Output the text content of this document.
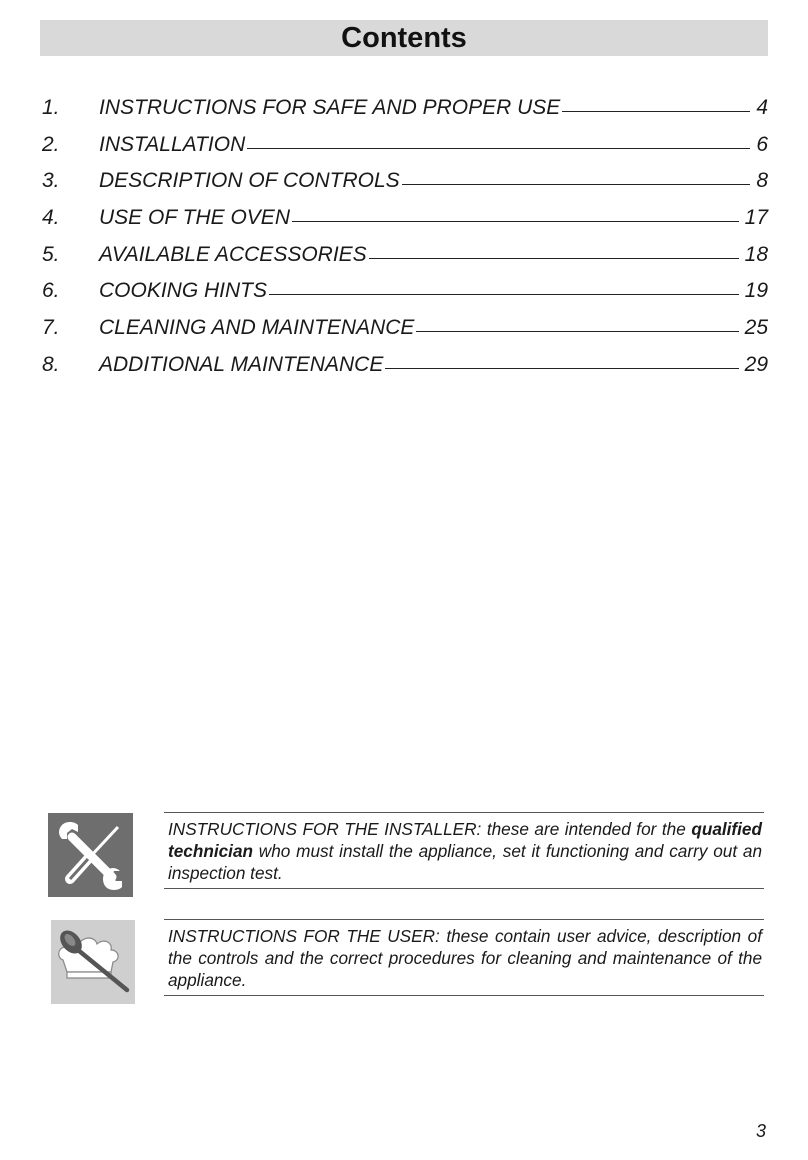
Contents
1.	INSTRUCTIONS FOR SAFE AND PROPER USE	4
2.	INSTALLATION	6
3.	DESCRIPTION OF CONTROLS	8
4.	USE OF THE OVEN	17
5.	AVAILABLE ACCESSORIES	18
6.	COOKING HINTS	19
7.	CLEANING AND MAINTENANCE	25
8.	ADDITIONAL MAINTENANCE	29
INSTRUCTIONS FOR THE INSTALLER: these are intended for the qualified technician who must install the appliance, set it functioning and carry out an inspection test.
INSTRUCTIONS FOR THE USER: these contain user advice, description of the controls and the correct procedures for cleaning and maintenance of the appliance.
3
